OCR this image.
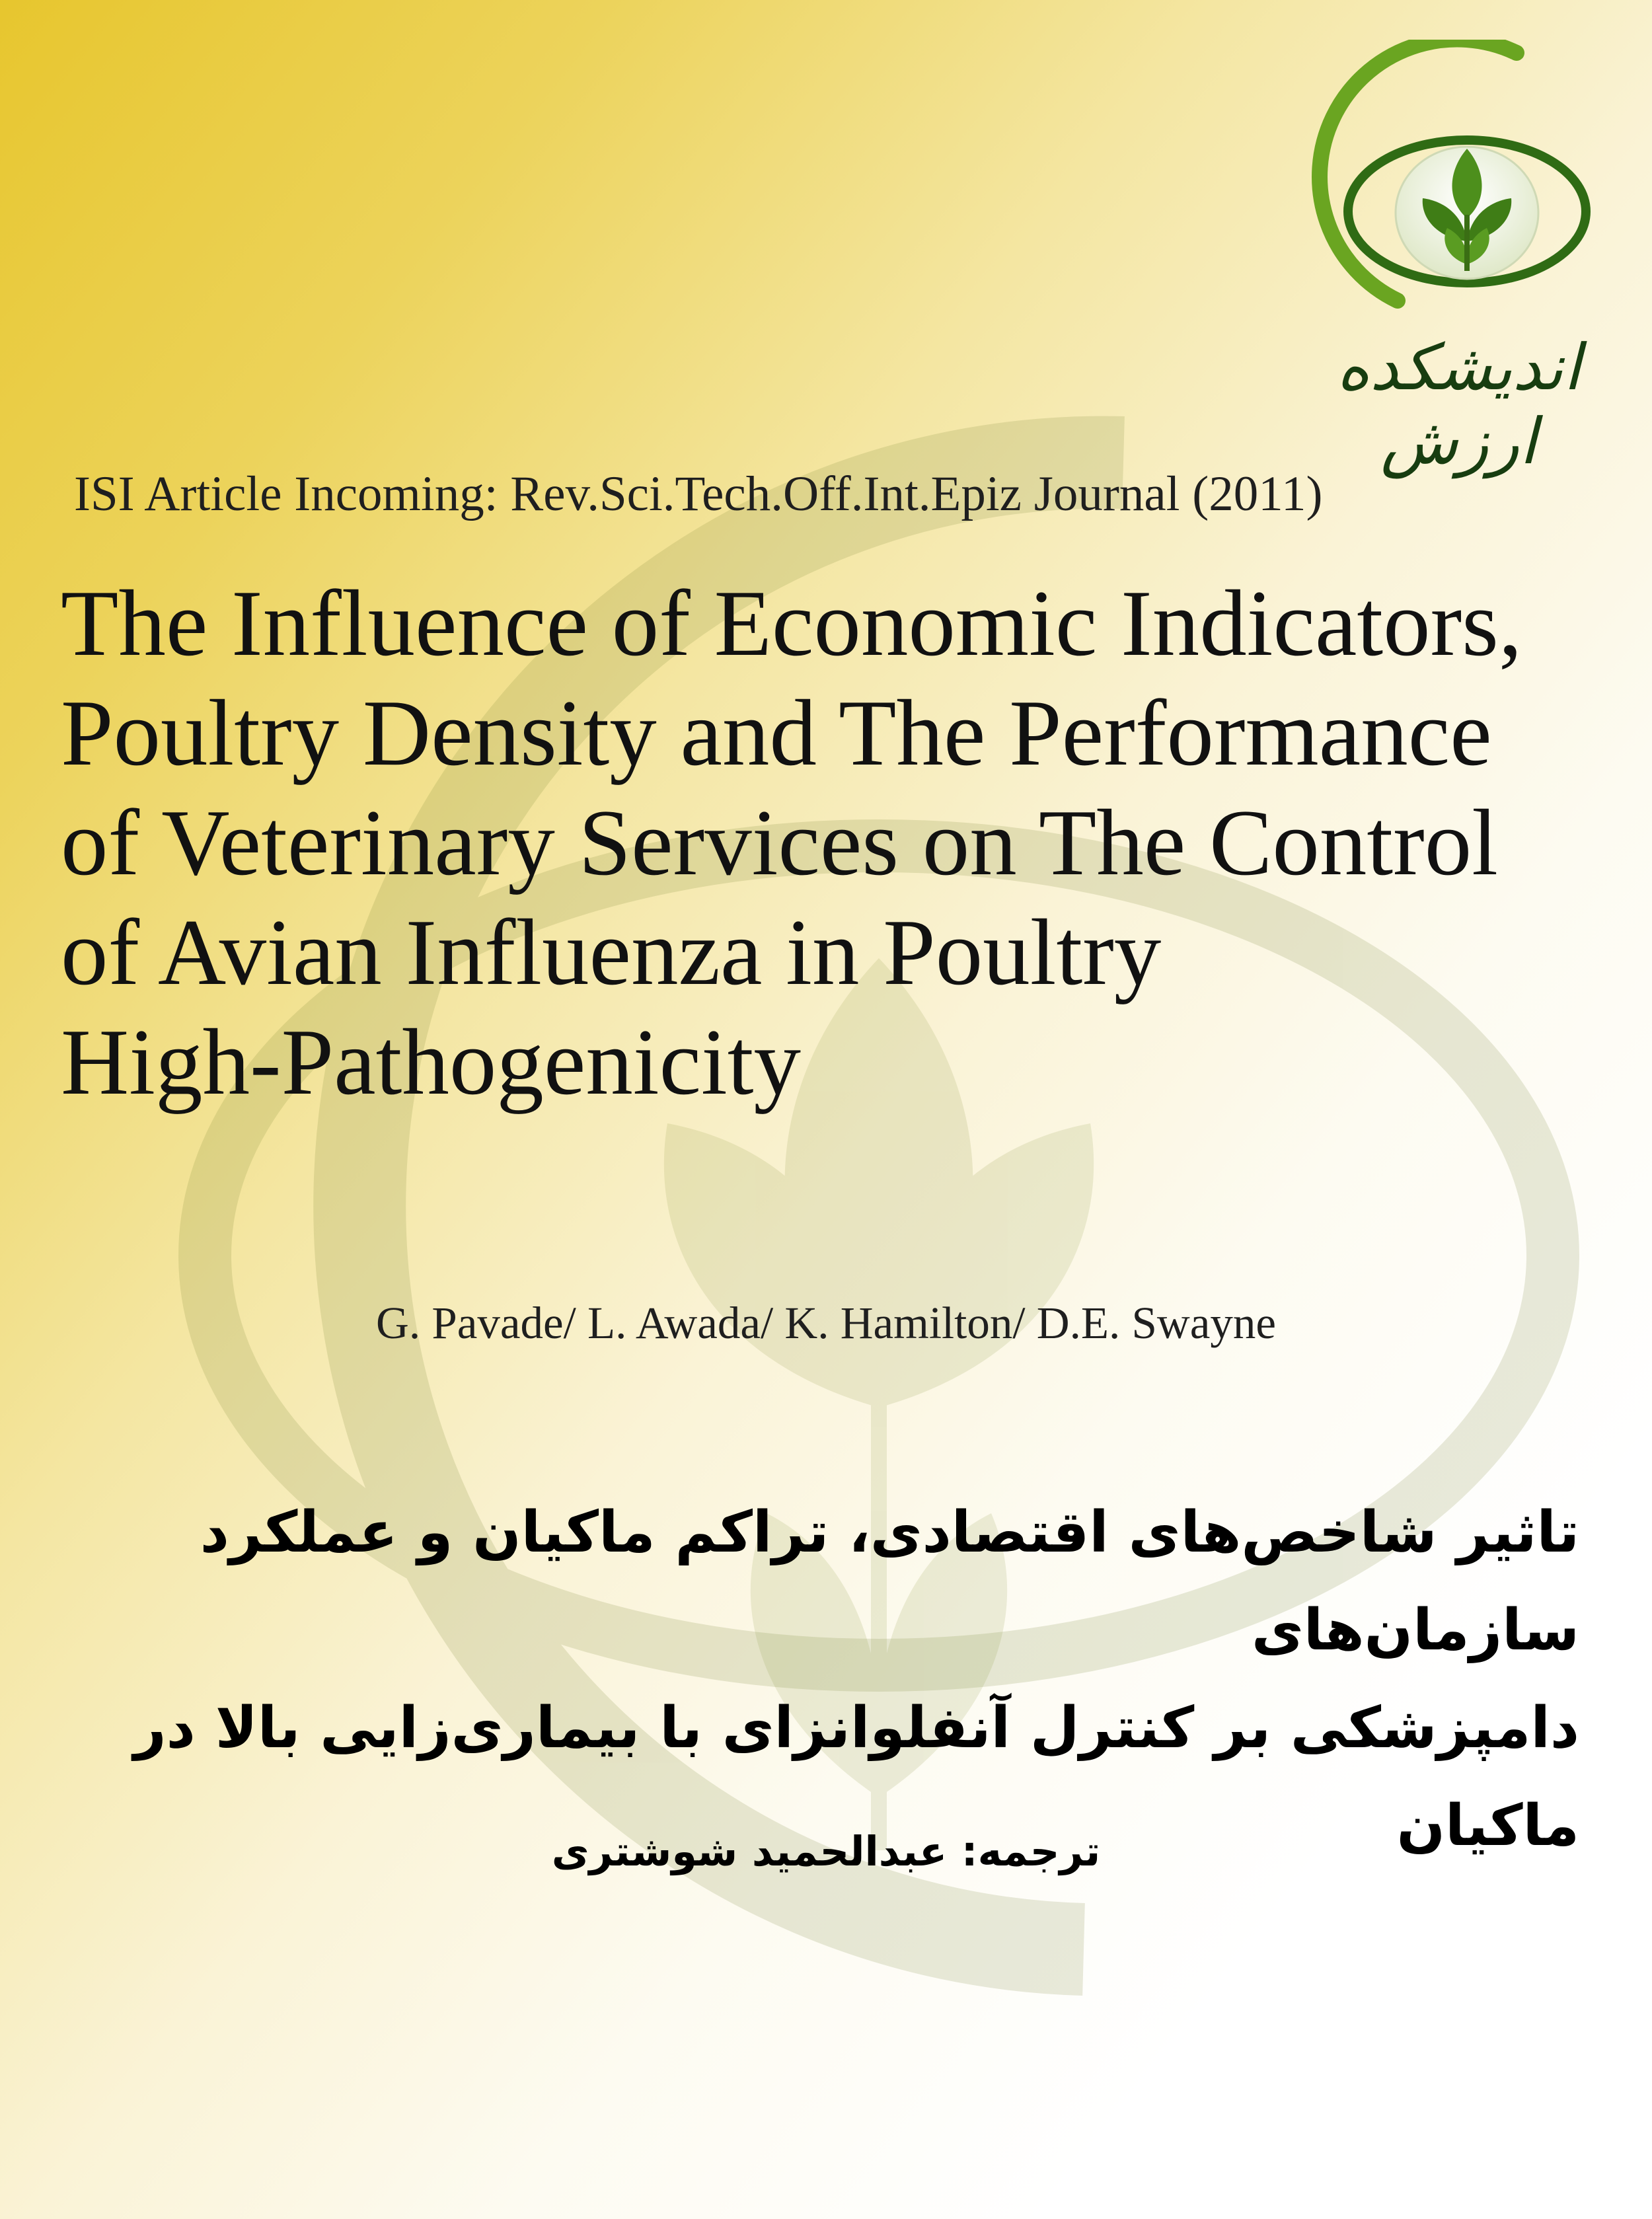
اندیشکده ارزش

ISI Article Incoming: Rev.Sci.Tech.Off.Int.Epiz Journal (2011)

The Influence of Economic Indicators,
Poultry Density and The Performance
of Veterinary Services on The Control
of Avian Influenza in Poultry
High-Pathogenicity

G. Pavade/ L. Awada/ K. Hamilton/ D.E. Swayne

تاثیر شاخص‌های اقتصادی، تراکم ماکیان و عملکرد سازمان‌های
دامپزشکی بر کنترل آنفلوانزای با بیماری‌زایی بالا در ماکیان

ترجمه: عبدالحمید شوشتری
